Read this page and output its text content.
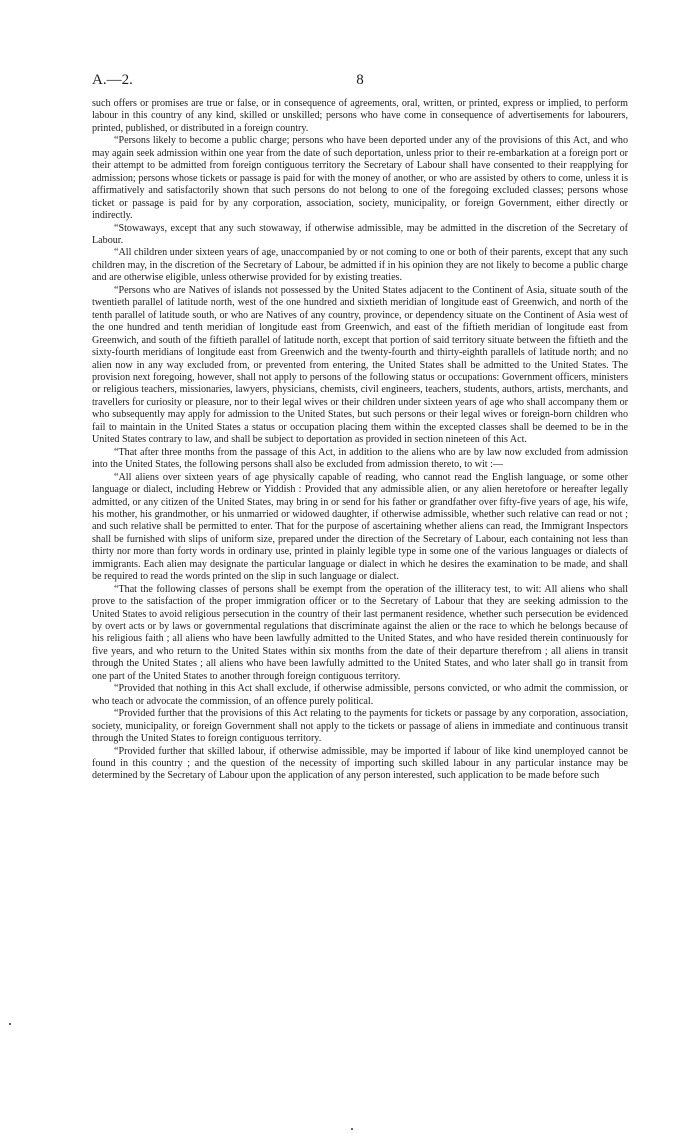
A.—2.	8

such offers or promises are true or false, or in consequence of agreements, oral, written, or printed, express or implied, to perform labour in this country of any kind, skilled or unskilled; persons who have come in consequence of advertisements for labourers, printed, published, or distributed in a foreign country.

“Persons likely to become a public charge; persons who have been deported under any of the provisions of this Act, and who may again seek admission within one year from the date of such deportation, unless prior to their re-embarkation at a foreign port or their attempt to be admitted from foreign contiguous territory the Secretary of Labour shall have consented to their reapplying for admission; persons whose tickets or passage is paid for with the money of another, or who are assisted by others to come, unless it is affirmatively and satisfactorily shown that such persons do not belong to one of the foregoing excluded classes; persons whose ticket or passage is paid for by any corporation, association, society, municipality, or foreign Government, either directly or indirectly.

“Stowaways, except that any such stowaway, if otherwise admissible, may be admitted in the discretion of the Secretary of Labour.

“All children under sixteen years of age, unaccompanied by or not coming to one or both of their parents, except that any such children may, in the discretion of the Secretary of Labour, be admitted if in his opinion they are not likely to become a public charge and are otherwise eligible, unless otherwise provided for by existing treaties.

“Persons who are Natives of islands not possessed by the United States adjacent to the Continent of Asia, situate south of the twentieth parallel of latitude north, west of the one hundred and sixtieth meridian of longitude east of Greenwich, and north of the tenth parallel of latitude south, or who are Natives of any country, province, or dependency situate on the Continent of Asia west of the one hundred and tenth meridian of longitude east from Greenwich, and east of the fiftieth meridian of longitude east from Greenwich, and south of the fiftieth parallel of latitude north, except that portion of said territory situate between the fiftieth and the sixty-fourth meridians of longitude east from Greenwich and the twenty-fourth and thirty-eighth parallels of latitude north; and no alien now in any way excluded from, or prevented from entering, the United States shall be admitted to the United States. The provision next foregoing, however, shall not apply to persons of the following status or occupations: Government officers, ministers or religious teachers, missionaries, lawyers, physicians, chemists, civil engineers, teachers, students, authors, artists, merchants, and travellers for curiosity or pleasure, nor to their legal wives or their children under sixteen years of age who shall accompany them or who subsequently may apply for admission to the United States, but such persons or their legal wives or foreign-born children who fail to maintain in the United States a status or occupation placing them within the excepted classes shall be deemed to be in the United States contrary to law, and shall be subject to deportation as provided in section nineteen of this Act.

“That after three months from the passage of this Act, in addition to the aliens who are by law now excluded from admission into the United States, the following persons shall also be excluded from admission thereto, to wit :—

“All aliens over sixteen years of age physically capable of reading, who cannot read the English language, or some other language or dialect, including Hebrew or Yiddish : Provided that any admissible alien, or any alien heretofore or hereafter legally admitted, or any citizen of the United States, may bring in or send for his father or grandfather over fifty-five years of age, his wife, his mother, his grandmother, or his unmarried or widowed daughter, if otherwise admissible, whether such relative can read or not ; and such relative shall be permitted to enter. That for the purpose of ascertaining whether aliens can read, the Immigrant Inspectors shall be furnished with slips of uniform size, prepared under the direction of the Secretary of Labour, each containing not less than thirty nor more than forty words in ordinary use, printed in plainly legible type in some one of the various languages or dialects of immigrants. Each alien may designate the particular language or dialect in which he desires the examination to be made, and shall be required to read the words printed on the slip in such language or dialect.

“That the following classes of persons shall be exempt from the operation of the illiteracy test, to wit: All aliens who shall prove to the satisfaction of the proper immigration officer or to the Secretary of Labour that they are seeking admission to the United States to avoid religious persecution in the country of their last permanent residence, whether such persecution be evidenced by overt acts or by laws or governmental regulations that discriminate against the alien or the race to which he belongs because of his religious faith ; all aliens who have been lawfully admitted to the United States, and who have resided therein continuously for five years, and who return to the United States within six months from the date of their departure therefrom ; all aliens in transit through the United States ; all aliens who have been lawfully admitted to the United States, and who later shall go in transit from one part of the United States to another through foreign contiguous territory.

“Provided that nothing in this Act shall exclude, if otherwise admissible, persons convicted, or who admit the commission, or who teach or advocate the commission, of an offence purely political.

“Provided further that the provisions of this Act relating to the payments for tickets or passage by any corporation, association, society, municipality, or foreign Government shall not apply to the tickets or passage of aliens in immediate and continuous transit through the United States to foreign contiguous territory.

“Provided further that skilled labour, if otherwise admissible, may be imported if labour of like kind unemployed cannot be found in this country ; and the question of the necessity of importing such skilled labour in any particular instance may be determined by the Secretary of Labour upon the application of any person interested, such application to be made before such
